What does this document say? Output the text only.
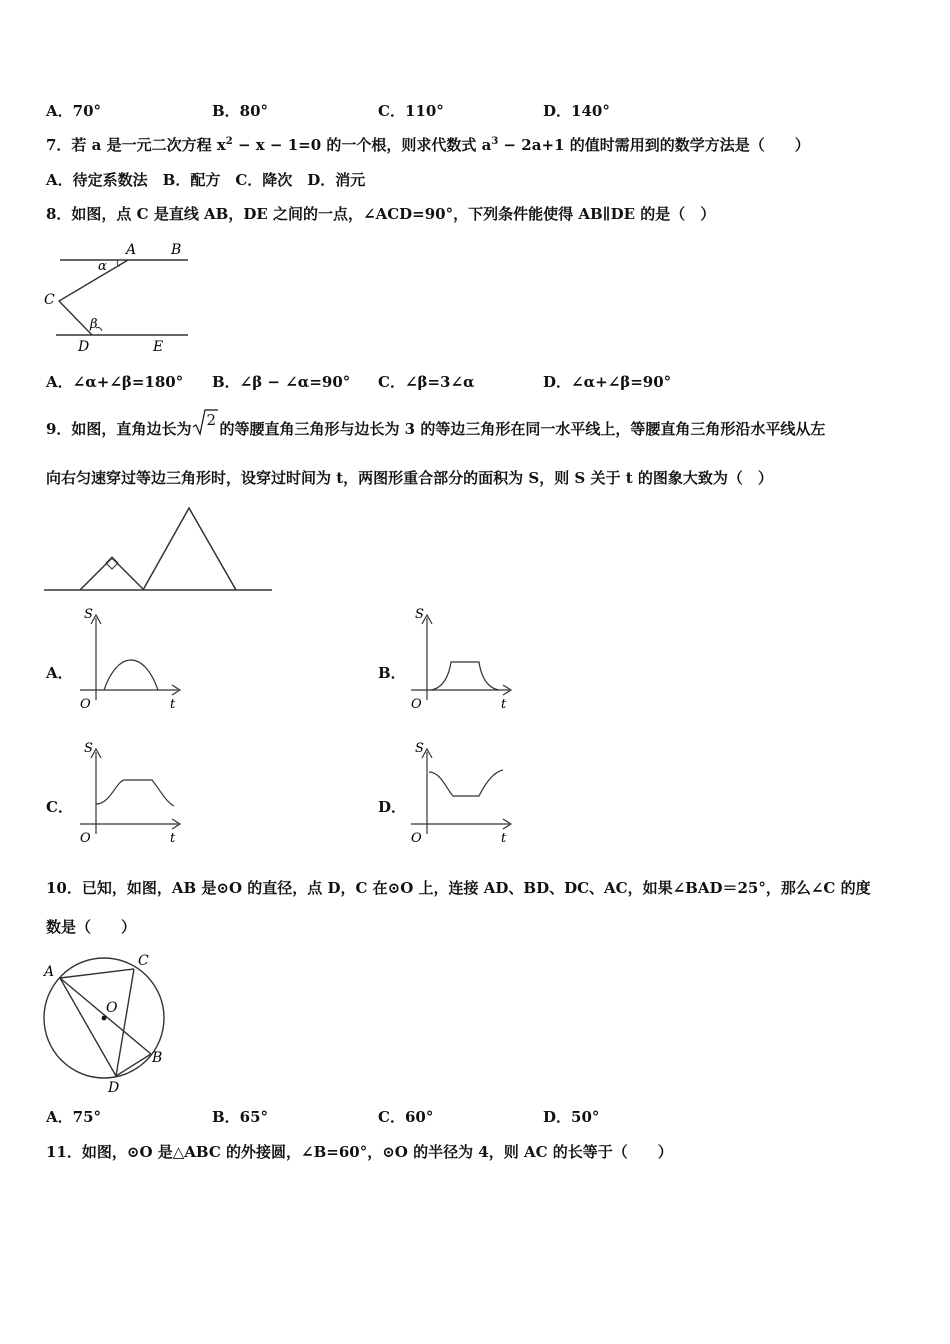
A．70°	B．80°	C．110°	D．140°
7．若 a 是一元二次方程 $x^2 - x - 1=0$ 的一个根，则求代数式 $a^3 - 2a+1$ 的值时需用到的数学方法是（　　）
A．待定系数法　B．配方　C．降次　D．消元
8．如图，点 C 是直线 AB，DE 之间的一点，∠ACD=90°，下列条件能使得 AB∥DE 的是（　）
A B
α
C
β
D	E
A．∠α+∠β=180° B．∠β − ∠α=90° C．∠β=3∠α	D．∠α+∠β=90°
9．如图，直角边长为 2 的等腰直角三角形与边长为 3 的等边三角形在同一水平线上，等腰直角三角形沿水平线从左
向右匀速穿过等边三角形时，设穿过时间为 t，两图形重合部分的面积为 S，则 S 关于 t 的图象大致为（　）
A．
S
O	t
B．
S
O	t
C．
S
O	t
D．
S
O	t
10．已知，如图，AB 是⊙O 的直径，点 D，C 在⊙O 上，连接 AD、BD、DC、AC，如果∠BAD＝25°，那么∠C 的度
数是（　　）
A
C
O
B
D
A．75°	B．65°	C．60°	D．50°
11．如图，⊙O 是△ABC 的外接圆，∠B=60°，⊙O 的半径为 4，则 AC 的长等于（　　）
